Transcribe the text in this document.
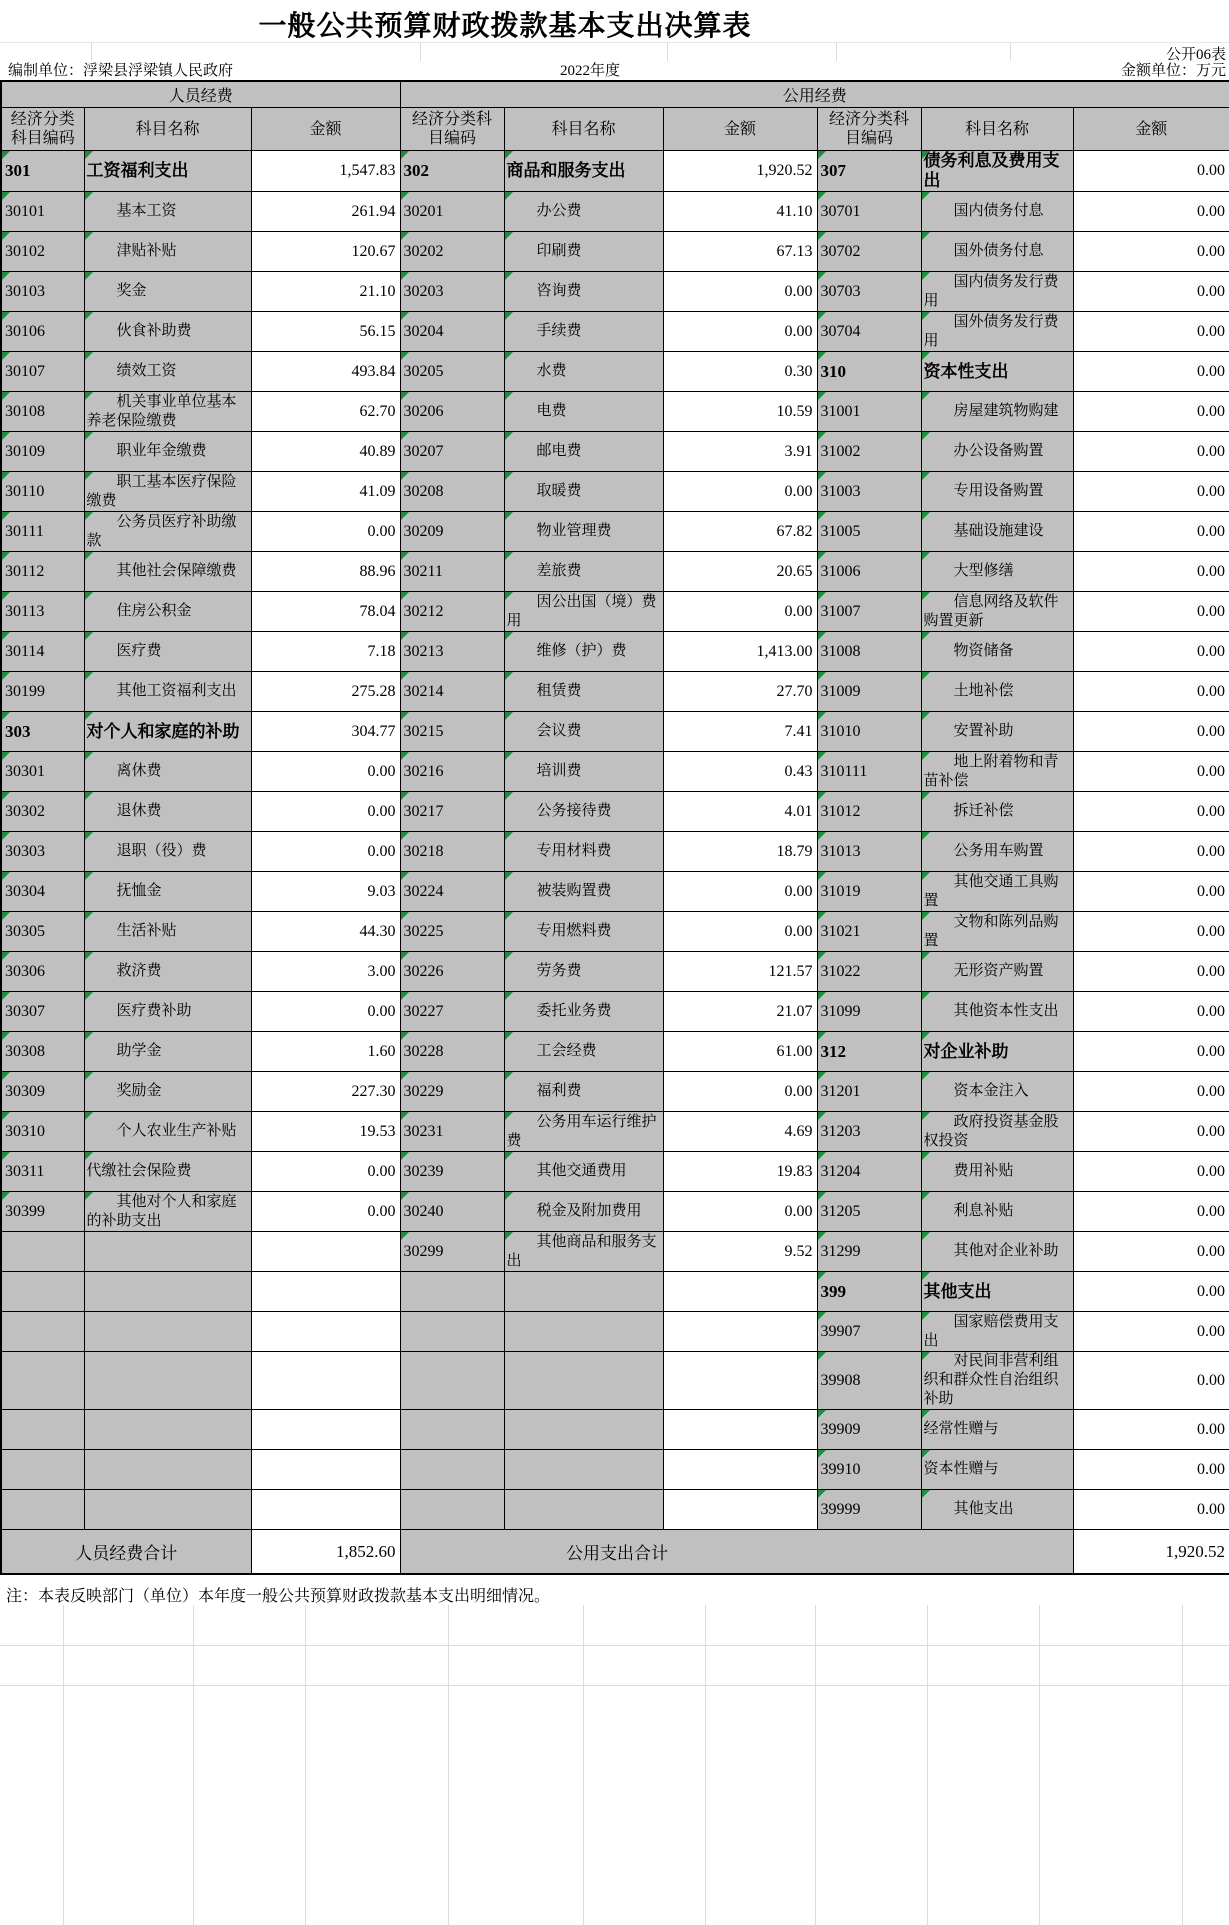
一般公共预算财政拨款基本支出决算表
公开06表
编制单位：浮梁县浮梁镇人民政府	2022年度	金额单位：万元
人员经费			公用经费					
经济分类科目编码	科目名称	金额	经济分类科目编码	科目名称	金额	经济分类科目编码	科目名称	金额
301	工资福利支出	1,547.83	302	商品和服务支出	1,920.52	307	债务利息及费用支出	0.00
30101	基本工资	261.94	30201	办公费	41.10	30701	国内债务付息	0.00
30102	津贴补贴	120.67	30202	印刷费	67.13	30702	国外债务付息	0.00
30103	奖金	21.10	30203	咨询费	0.00	30703	国内债务发行费用	0.00
30106	伙食补助费	56.15	30204	手续费	0.00	30704	国外债务发行费用	0.00
30107	绩效工资	493.84	30205	水费	0.30	310	资本性支出	0.00
30108	机关事业单位基本养老保险缴费	62.70	30206	电费	10.59	31001	房屋建筑物购建	0.00
30109	职业年金缴费	40.89	30207	邮电费	3.91	31002	办公设备购置	0.00
30110	职工基本医疗保险缴费	41.09	30208	取暖费	0.00	31003	专用设备购置	0.00
30111	公务员医疗补助缴款	0.00	30209	物业管理费	67.82	31005	基础设施建设	0.00
30112	其他社会保障缴费	88.96	30211	差旅费	20.65	31006	大型修缮	0.00
30113	住房公积金	78.04	30212	因公出国（境）费用	0.00	31007	信息网络及软件购置更新	0.00
30114	医疗费	7.18	30213	维修（护）费	1,413.00	31008	物资储备	0.00
30199	其他工资福利支出	275.28	30214	租赁费	27.70	31009	土地补偿	0.00
303	对个人和家庭的补助	304.77	30215	会议费	7.41	31010	安置补助	0.00
30301	离休费	0.00	30216	培训费	0.43	310111	地上附着物和青苗补偿	0.00
30302	退休费	0.00	30217	公务接待费	4.01	31012	拆迁补偿	0.00
30303	退职（役）费	0.00	30218	专用材料费	18.79	31013	公务用车购置	0.00
30304	抚恤金	9.03	30224	被装购置费	0.00	31019	其他交通工具购置	0.00
30305	生活补贴	44.30	30225	专用燃料费	0.00	31021	文物和陈列品购置	0.00
30306	救济费	3.00	30226	劳务费	121.57	31022	无形资产购置	0.00
30307	医疗费补助	0.00	30227	委托业务费	21.07	31099	其他资本性支出	0.00
30308	助学金	1.60	30228	工会经费	61.00	312	对企业补助	0.00
30309	奖励金	227.30	30229	福利费	0.00	31201	资本金注入	0.00
30310	个人农业生产补贴	19.53	30231	公务用车运行维护费	4.69	31203	政府投资基金股权投资	0.00
30311	代缴社会保险费	0.00	30239	其他交通费用	19.83	31204	费用补贴	0.00
30399	其他对个人和家庭的补助支出	0.00	30240	税金及附加费用	0.00	31205	利息补贴	0.00
			30299	其他商品和服务支出	9.52	31299	其他对企业补助	0.00
						399	其他支出	0.00
						39907	国家赔偿费用支出	0.00
						39908	对民间非营利组织和群众性自治组织补助	0.00
						39909	经常性赠与	0.00
						39910	资本性赠与	0.00
						39999	其他支出	0.00
人员经费合计		1,852.60	公用支出合计					1,920.52
注：本表反映部门（单位）本年度一般公共预算财政拨款基本支出明细情况。
